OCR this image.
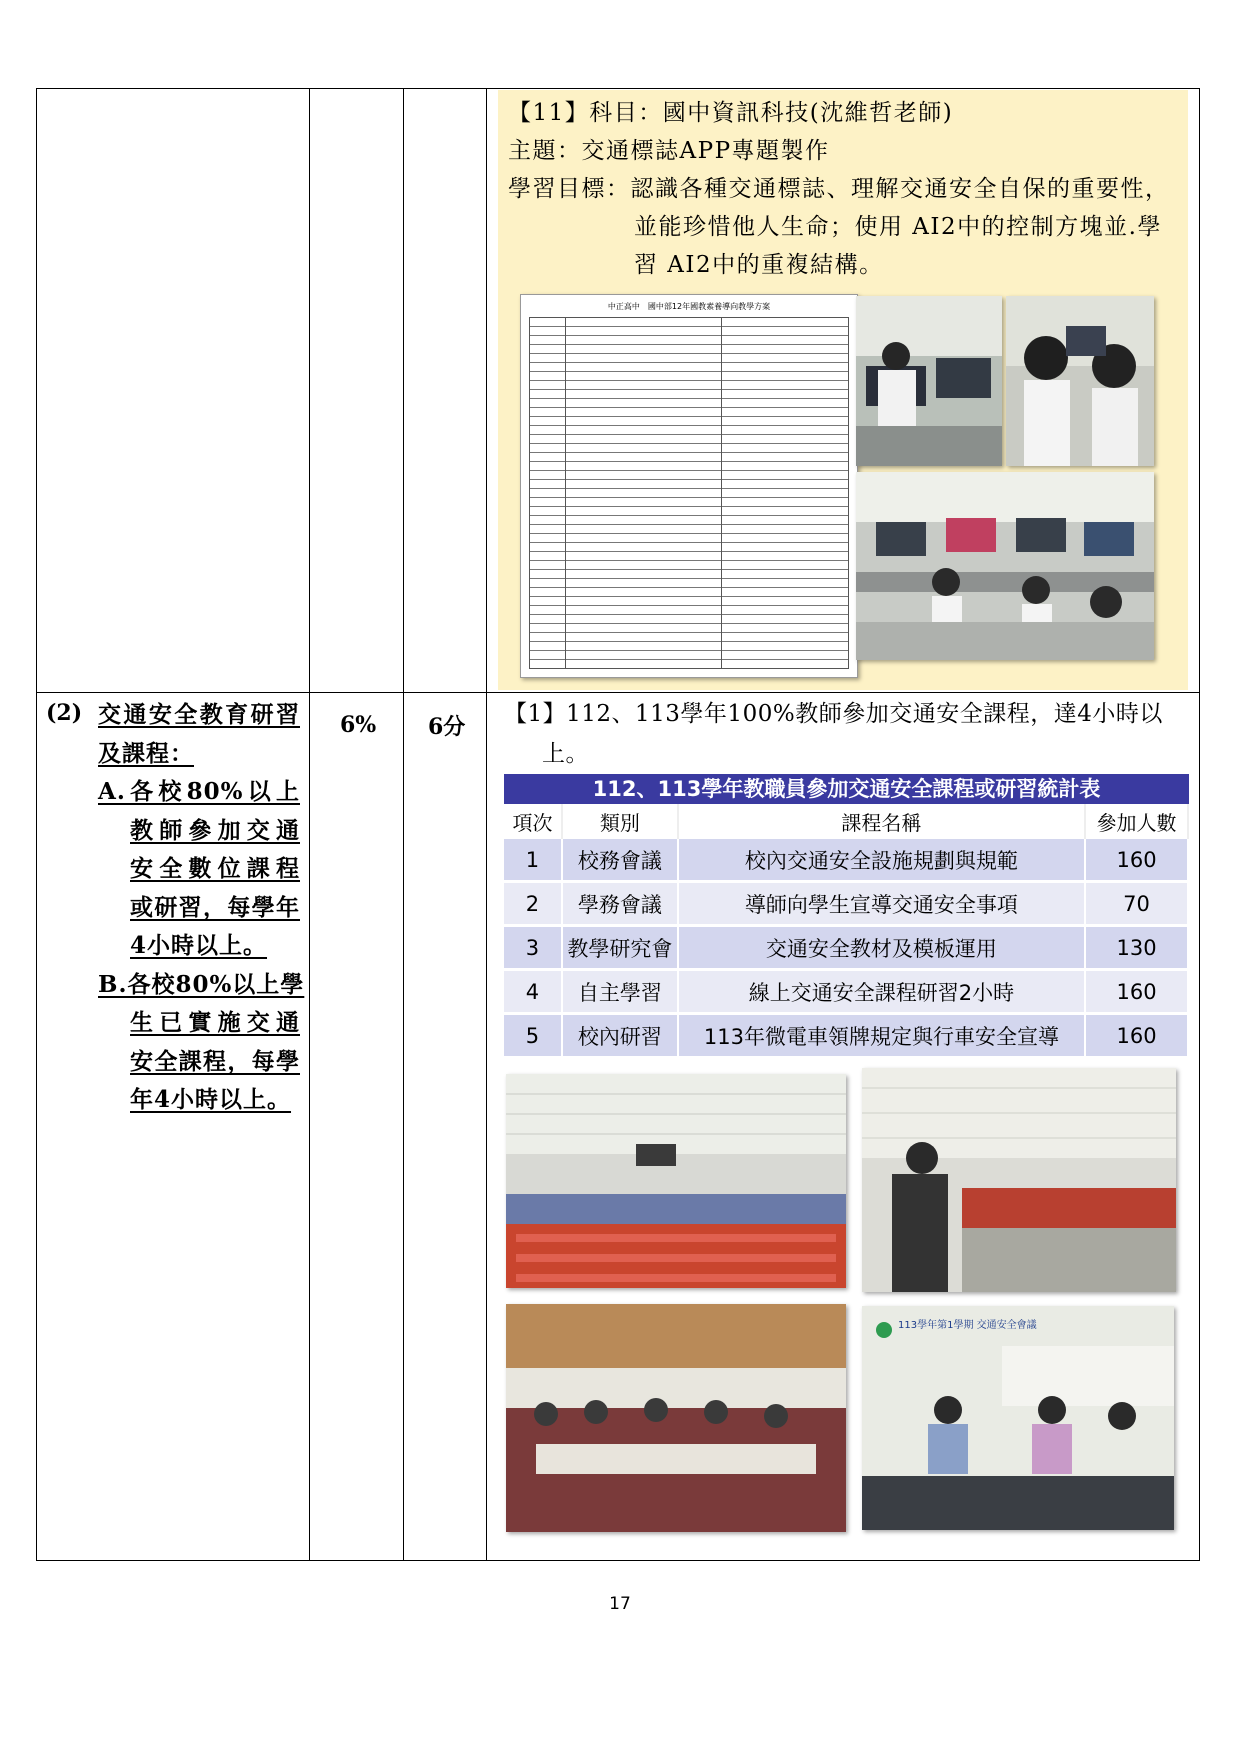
【11】科目：國中資訊科技(沈維哲老師)
主題：交通標誌APP專題製作
學習目標：認識各種交通標誌、理解交通安全自保的重要性，
並能珍惜他人生命；使用 AI2中的控制方塊並.學
習 AI2中的重複結構。
中正高中　國中部12年國教素養導向教學方案
(2) 交通安全教育研習
及課程：
A.各校80%以上
教師參加交通
安全數位課程
或研習，每學年
4小時以上。
B.各校80%以上學
生已實施交通
安全課程，每學
年4小時以上。
6% 6分 【1】112、113學年100%教師參加交通安全課程，達4小時以
上。
112、113學年教職員參加交通安全課程或研習統計表
項次	類別	課程名稱	參加人數
1	校務會議	校內交通安全設施規劃與規範	160
2	學務會議	導師向學生宣導交通安全事項	70
3	教學研究會	交通安全教材及模板運用	130
4	自主學習	線上交通安全課程研習2小時	160
5	校內研習	113年微電車領牌規定與行車安全宣導	160
113學年第1學期 交通安全會議
17
